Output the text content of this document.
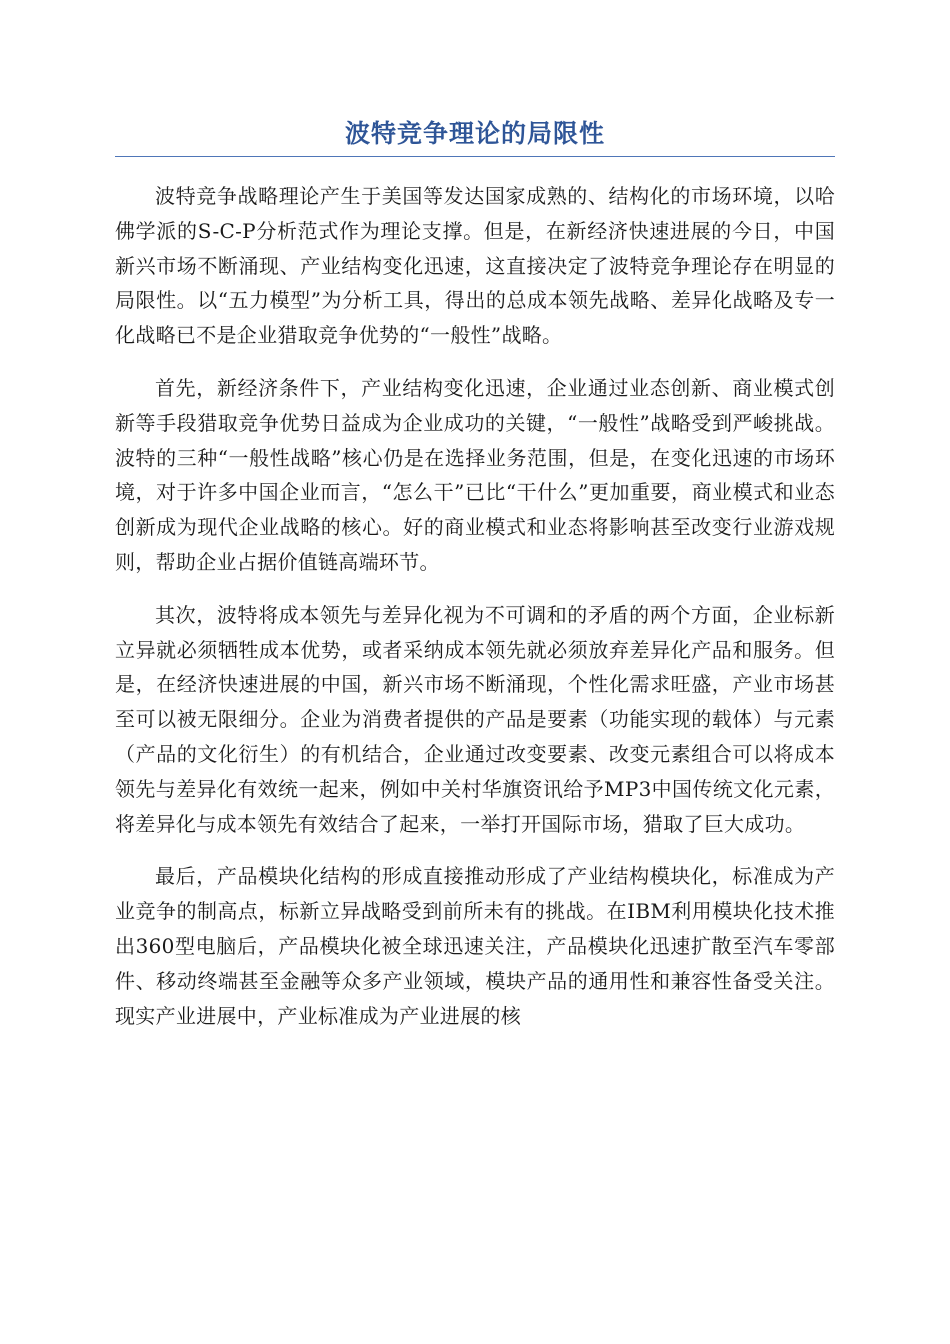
波特竞争理论的局限性

波特竞争战略理论产生于美国等发达国家成熟的、结构化的市场环境，以哈佛学派的S-C-P分析范式作为理论支撑。但是，在新经济快速进展的今日，中国新兴市场不断涌现、产业结构变化迅速，这直接决定了波特竞争理论存在明显的局限性。以“五力模型”为分析工具，得出的总成本领先战略、差异化战略及专一化战略已不是企业猎取竞争优势的“一般性”战略。

首先，新经济条件下，产业结构变化迅速，企业通过业态创新、商业模式创新等手段猎取竞争优势日益成为企业成功的关键，“一般性”战略受到严峻挑战。波特的三种“一般性战略”核心仍是在选择业务范围，但是，在变化迅速的市场环境，对于许多中国企业而言，“怎么干”已比“干什么”更加重要，商业模式和业态创新成为现代企业战略的核心。好的商业模式和业态将影响甚至改变行业游戏规则，帮助企业占据价值链高端环节。

其次，波特将成本领先与差异化视为不可调和的矛盾的两个方面，企业标新立异就必须牺牲成本优势，或者采纳成本领先就必须放弃差异化产品和服务。但是，在经济快速进展的中国，新兴市场不断涌现，个性化需求旺盛，产业市场甚至可以被无限细分。企业为消费者提供的产品是要素（功能实现的载体）与元素（产品的文化衍生）的有机结合，企业通过改变要素、改变元素组合可以将成本领先与差异化有效统一起来，例如中关村华旗资讯给予MP3中国传统文化元素，将差异化与成本领先有效结合了起来，一举打开国际市场，猎取了巨大成功。

最后，产品模块化结构的形成直接推动形成了产业结构模块化，标准成为产业竞争的制高点，标新立异战略受到前所未有的挑战。在IBM利用模块化技术推出360型电脑后，产品模块化被全球迅速关注，产品模块化迅速扩散至汽车零部件、移动终端甚至金融等众多产业领域，模块产品的通用性和兼容性备受关注。现实产业进展中，产业标准成为产业进展的核
